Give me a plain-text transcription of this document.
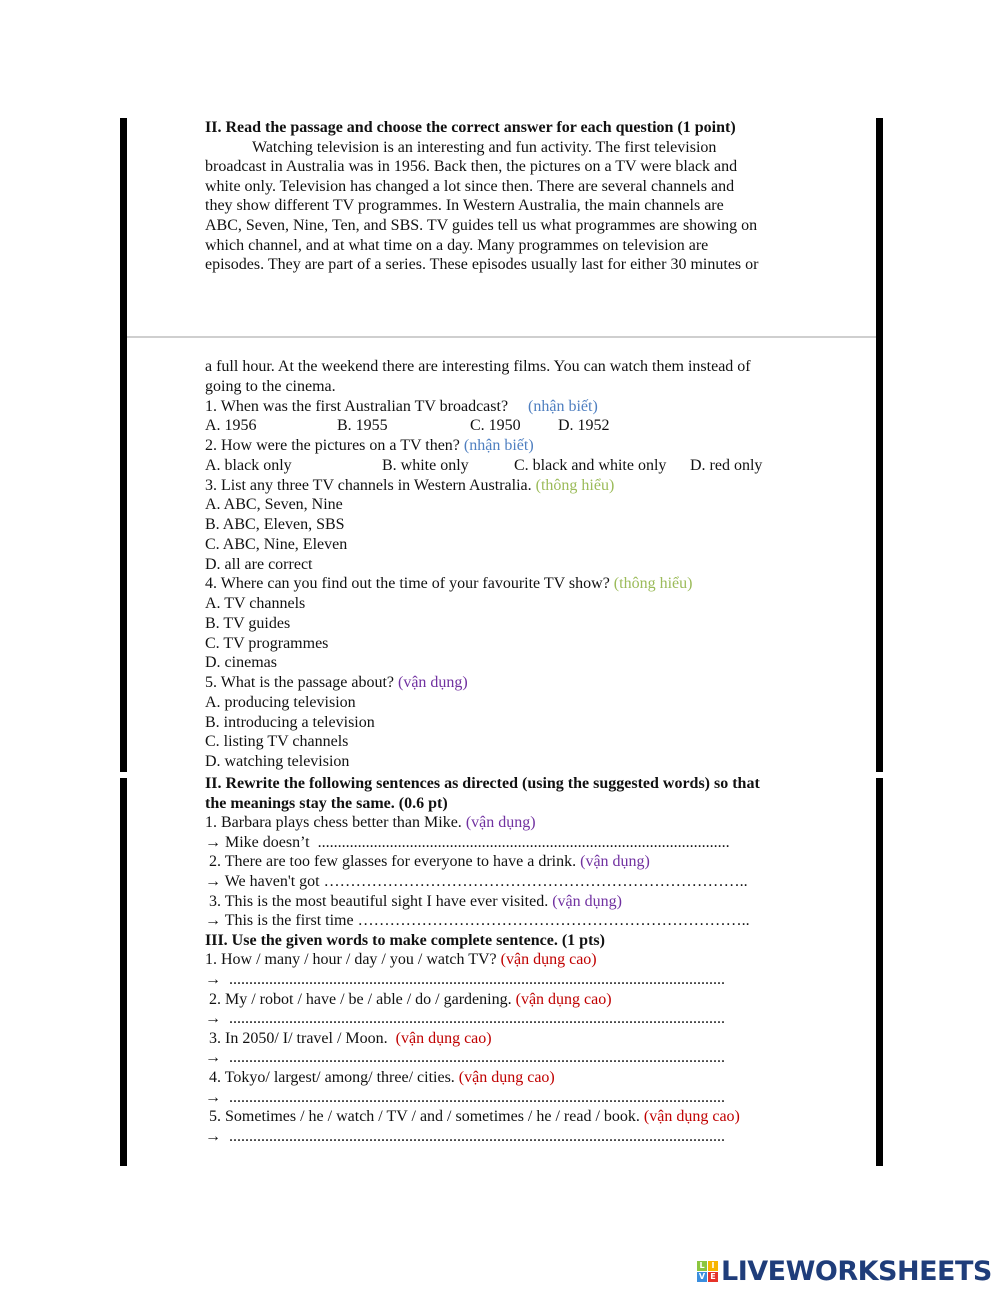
II. Read the passage and choose the correct answer for each question (1 point)
Watching television is an interesting and fun activity. The first television
broadcast in Australia was in 1956. Back then, the pictures on a TV were black and
white only. Television has changed a lot since then. There are several channels and
they show different TV programmes. In Western Australia, the main channels are
ABC, Seven, Nine, Ten, and SBS. TV guides tell us what programmes are showing on
which channel, and at what time on a day. Many programmes on television are
episodes. They are part of a series. These episodes usually last for either 30 minutes or
a full hour. At the weekend there are interesting films. You can watch them instead of
going to the cinema.
1. When was the first Australian TV broadcast?     (nhận biết)
A. 1956	B. 1955	C. 1950 D. 1952
2. How were the pictures on a TV then? (nhận biết)
A. black only	B. white only	C. black and white only D. red only
3. List any three TV channels in Western Australia. (thông hiểu)
A. ABC, Seven, Nine
B. ABC, Eleven, SBS
C. ABC, Nine, Eleven
D. all are correct
4. Where can you find out the time of your favourite TV show? (thông hiểu)
A. TV channels
B. TV guides
C. TV programmes
D. cinemas
5. What is the passage about? (vận dụng)
A. producing television
B. introducing a television
C. listing TV channels
D. watching television
II. Rewrite the following sentences as directed (using the suggested words) so that
the meanings stay the same. (0.6 pt)
1. Barbara plays chess better than Mike. (vận dụng)
→ Mike doesn’t  .......................................................................................................
2. There are too few glasses for everyone to have a drink. (vận dụng)
→ We haven't got ……………………………………………………………………..
3. This is the most beautiful sight I have ever visited. (vận dụng)
→ This is the first time ………………………………………………………………..
III. Use the given words to make complete sentence. (1 pts)
1. How / many / hour / day / you / watch TV? (vận dụng cao)
→  ............................................................................................................................
2. My / robot / have / be / able / do / gardening. (vận dụng cao)
→  ............................................................................................................................
3. In 2050/ I/ travel / Moon.  (vận dụng cao)
→  ............................................................................................................................
4. Tokyo/ largest/ among/ three/ cities. (vận dụng cao)
→  ............................................................................................................................
5. Sometimes / he / watch / TV / and / sometimes / he / read / book. (vận dụng cao)
→  ............................................................................................................................
L I
V E LIVEWORKSHEETS
